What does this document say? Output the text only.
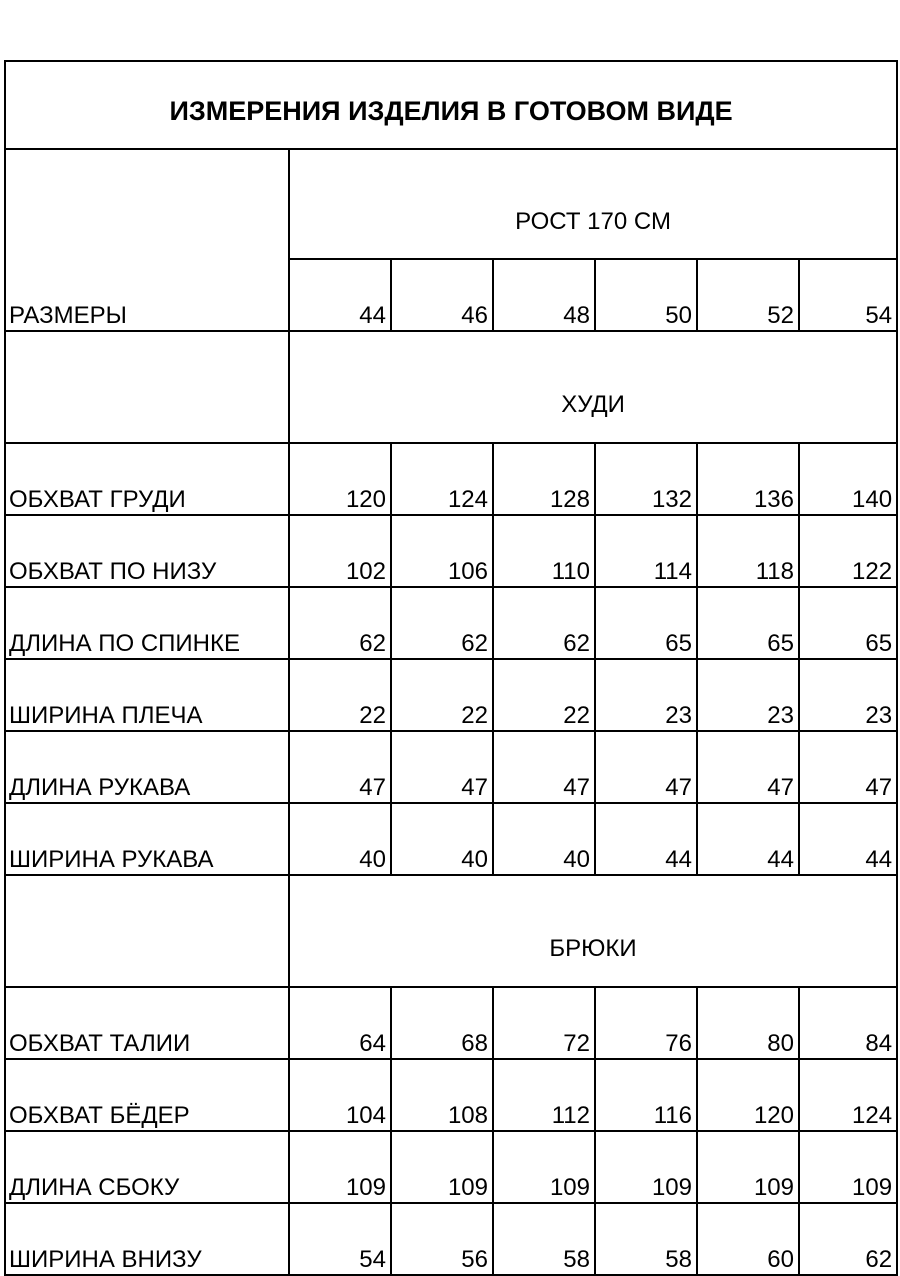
ИЗМЕРЕНИЯ ИЗДЕЛИЯ В ГОТОВОМ ВИДЕ						
РАЗМЕРЫ	РОСТ 170 СМ					
	44	46	48	50	52	54
	ХУДИ					
ОБХВАТ ГРУДИ	120	124	128	132	136	140
ОБХВАТ ПО НИЗУ	102	106	110	114	118	122
ДЛИНА ПО СПИНКЕ	62	62	62	65	65	65
ШИРИНА ПЛЕЧА	22	22	22	23	23	23
ДЛИНА РУКАВА	47	47	47	47	47	47
ШИРИНА РУКАВА	40	40	40	44	44	44
	БРЮКИ					
ОБХВАТ ТАЛИИ	64	68	72	76	80	84
ОБХВАТ БЁДЕР	104	108	112	116	120	124
ДЛИНА СБОКУ	109	109	109	109	109	109
ШИРИНА ВНИЗУ	54	56	58	58	60	62
